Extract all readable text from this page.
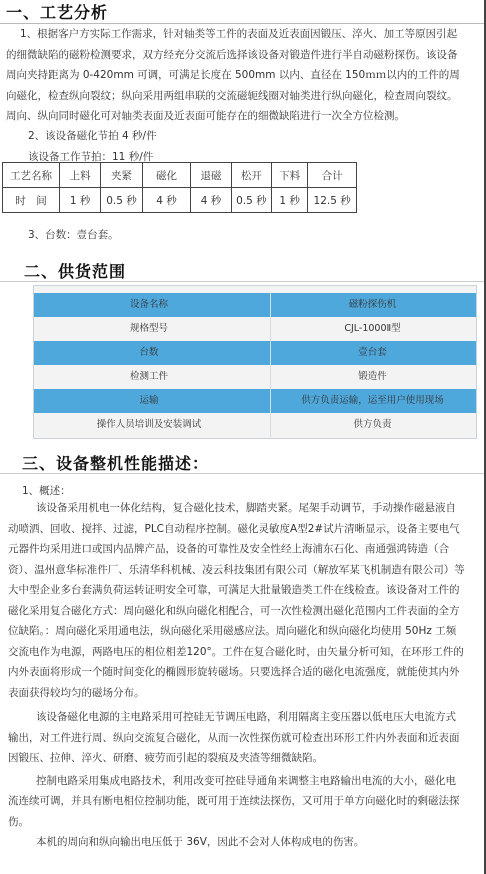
一、工艺分析
1、根据客户方实际工作需求，针对轴类等工件的表面及近表面因锻压、淬火、加工等原因引起的细微缺陷的磁粉检测要求，双方经充分交流后选择该设备对锻造件进行半自动磁粉探伤。该设备周向夹持距离为 0-420mm 可调，可满足长度在 500mm 以内、直径在 150ｍｍ以内的工件的周向磁化，检查纵向裂纹；纵向采用两组串联的交流磁轭线圈对轴类进行纵向磁化，检查周向裂纹。周向、纵向同时磁化可对轴类表面及近表面可能存在的细微缺陷进行一次全方位检测。
2、该设备磁化节拍 4 秒/件
该设备工作节拍：11 秒/件
工艺名称	上料	夹紧	磁化	退磁	松开	下料	合计
时　间	1 秒	0.5 秒	4 秒	4 秒	0.5 秒	1 秒	12.5 秒
3、台数：壹台套。
二、供货范围
设备名称	磁粉探伤机
规格型号	CJL-1000Ⅱ型
台数	壹台套
检测工件	锻造件
运输	供方负责运输，运至用户使用现场
操作人员培训及安装调试	供方负责
三、设备整机性能描述：
1、概述：

该设备采用机电一体化结构，复合磁化技术，脚踏夹紧。尾架手动调节，手动操作磁悬液自动喷洒、回收、搅拌、过滤，PLC自动程序控制。磁化灵敏度A型2#试片清晰显示，设备主要电气元器件均采用进口或国内品牌产品，设备的可靠性及安全性经上海浦东石化、南通强鸿铸造（合资）、温州意华标准件厂、乐清华科机械、凌云科技集团有限公司（解放军某飞机制造有限公司）等大中型企业多台套满负荷运转证明安全可靠，可满足大批量锻造类工件在线检查。该设备对工件的磁化采用复合磁化方式：周向磁化和纵向磁化相配合，可一次性检测出磁化范围内工件表面的全方位缺陷。：周向磁化采用通电法，纵向磁化采用磁感应法。周向磁化和纵向磁化均使用 50Hz 工频交流电作为电源，两路电压的相位相差120°。工件在复合磁化时，由矢量分析可知，在环形工件的内外表面将形成一个随时间变化的椭圆形旋转磁场。只要选择合适的磁化电流强度，就能使其内外表面获得较均匀的磁场分布。

该设备磁化电源的主电路采用可控硅无节调压电路，利用隔离主变压器以低电压大电流方式输出，对工件进行周、纵向交流复合磁化，从而一次性探伤就可检查出环形工件内外表面和近表面因锻压、拉伸、淬火、研磨、疲劳而引起的裂痕及夹渣等细微缺陷。

控制电路采用集成电路技术，利用改变可控硅导通角来调整主电路输出电流的大小，磁化电流连续可调，并具有断电相位控制功能，既可用于连续法探伤，又可用于单方向磁化时的剩磁法探伤。

本机的周向和纵向输出电压低于 36V，因此不会对人体构成电的伤害。
